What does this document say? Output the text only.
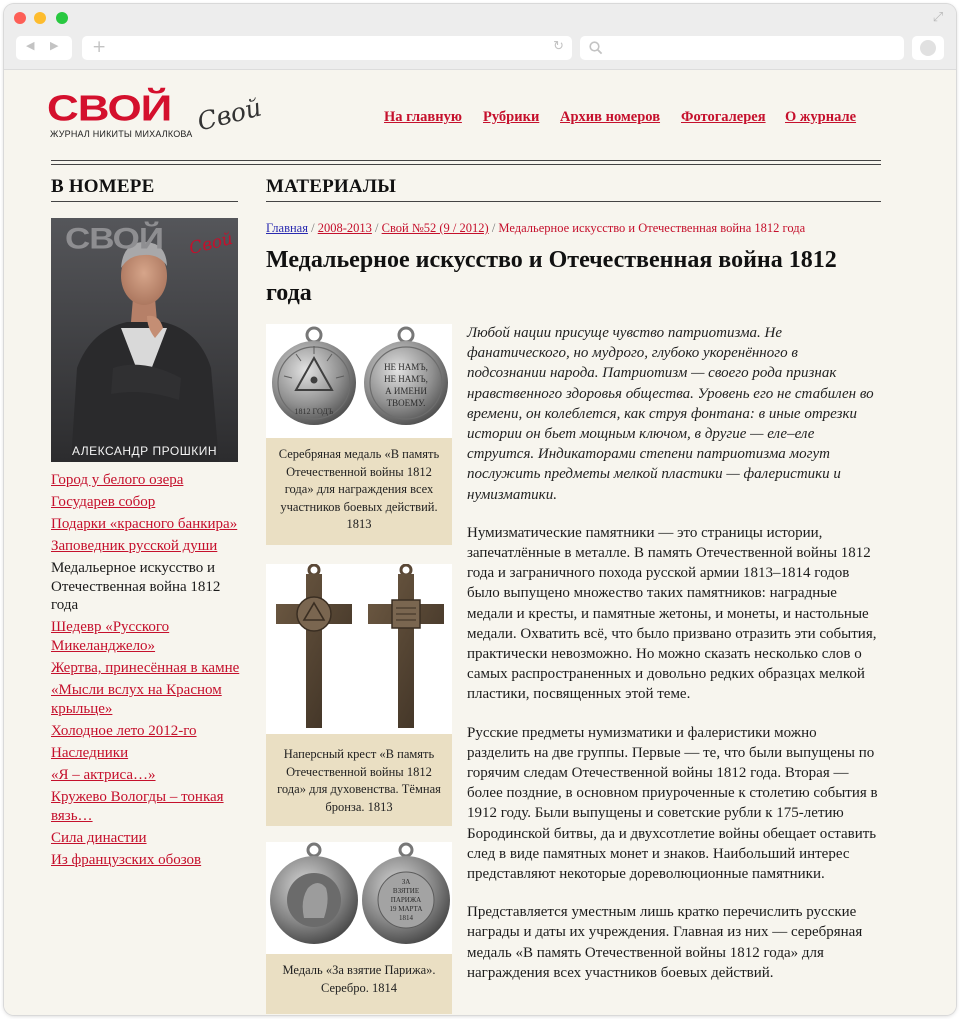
⤢
◀ ▶ +	↻
СВОЙ Свой
ЖУРНАЛ НИКИТЫ МИХАЛКОВА
На главную Рубрики Архив номеров Фотогалерея О журнале
В НОМЕРЕ	МАТЕРИАЛЫ
СВОЙ Свой
АЛЕКСАНДР ПРОШКИН
Город у белого озера
Государев собор
Подарки «красного банкира»
Заповедник русской души
Медальерное искусство и Отечественная война 1812 года
Шедевр «Русского Микеланджело»
Жертва, принесённая в камне
«Мысли вслух на Красном крыльце»
Холодное лето 2012-го
Наследники
«Я – актриса…»
Кружево Вологды – тонкая вязь…
Сила династии
Из французских обозов
Главная / 2008-2013 / Свой №52 (9 / 2012) / Медальерное искусство и Отечественная война 1812 года
Медальерное искусство и Отечественная война 1812 года
1812 ГОДЪ
НЕ НАМЪ,
НЕ НАМЪ,
А ИМЕНИ
ТВОЕМУ.
Серебряная медаль «В память Отечественной войны 1812 года» для награждения всех участников боевых действий. 1813
Наперсный крест «В память Отечественной войны 1812 года» для духовенства. Тёмная бронза. 1813
ЗА
ВЗЯТИЕ
ПАРИЖА
19 МАРТА
1814
Медаль «За взятие Парижа». Серебро. 1814

Любой нации присуще чувство патриотизма. Не фанатического, но мудрого, глубоко укоренённого в подсознании народа. Патриотизм — своего рода признак нравственного здоровья общества. Уровень его не стабилен во времени, он колеблется, как струя фонтана: в иные отрезки истории он бьет мощным ключом, в другие — еле–еле струится. Индикаторами степени патриотизма могут послужить предметы мелкой пластики — фалеристики и нумизматики.

Нумизматические памятники — это страницы истории, запечатлённые в металле. В память Отечественной войны 1812 года и заграничного похода русской армии 1813–1814 годов было выпущено множество таких памятников: наградные медали и кресты, и памятные жетоны, и монеты, и настольные медали. Охватить всё, что было призвано отразить эти события, практически невозможно. Но можно сказать несколько слов о самых распространенных и довольно редких образцах мелкой пластики, посвященных этой теме.

Русские предметы нумизматики и фалеристики можно разделить на две группы. Первые — те, что были выпущены по горячим следам Отечественной войны 1812 года. Вторая — более поздние, в основном приуроченные к столетию события в 1912 году. Были выпущены и советские рубли к 175-летию Бородинской битвы, да и двухсотлетие войны обещает оставить след в виде памятных монет и знаков. Наибольший интерес представляют некоторые дореволюционные памятники.

Представляется уместным лишь кратко перечислить русские награды и даты их учреждения. Главная из них — серебряная медаль «В память Отечественной войны 1812 года» для награждения всех участников боевых действий.
